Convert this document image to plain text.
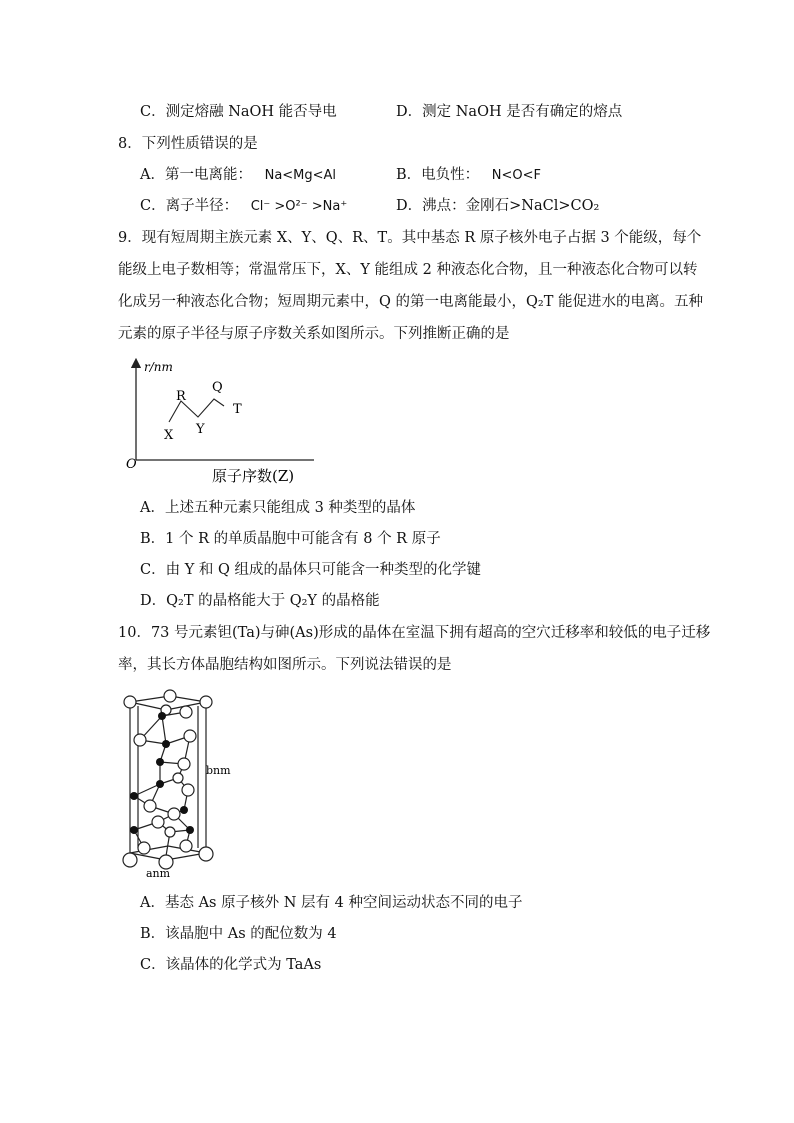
C．测定熔融 NaOH 能否导电	D．测定 NaOH 是否有确定的熔点
8．下列性质错误的是
A．第一电离能： Na<Mg<Al	B．电负性： N<O<F
C．离子半径： Cl⁻ >O²⁻ >Na⁺	D．沸点：金刚石>NaCl>CO₂
9．现有短周期主族元素 X、Y、Q、R、T。其中基态 R 原子核外电子占据 3 个能级，每个
能级上电子数相等；常温常压下，X、Y 能组成 2 种液态化合物，且一种液态化合物可以转
化成另一种液态化合物；短周期元素中，Q 的第一电离能最小，Q₂T 能促进水的电离。五种
元素的原子半径与原子序数关系如图所示。下列推断正确的是
r/nm
O
X
R
Y
Q
T
原子序数(Z)
A．上述五种元素只能组成 3 种类型的晶体
B．1 个 R 的单质晶胞中可能含有 8 个 R 原子
C．由 Y 和 Q 组成的晶体只可能含一种类型的化学键
D．Q₂T 的晶格能大于 Q₂Y 的晶格能
10．73 号元素钽(Ta)与砷(As)形成的晶体在室温下拥有超高的空穴迁移率和较低的电子迁移
率，其长方体晶胞结构如图所示。下列说法错误的是
bnm
anm
A．基态 As 原子核外 N 层有 4 种空间运动状态不同的电子
B．该晶胞中 As 的配位数为 4
C．该晶体的化学式为 TaAs
